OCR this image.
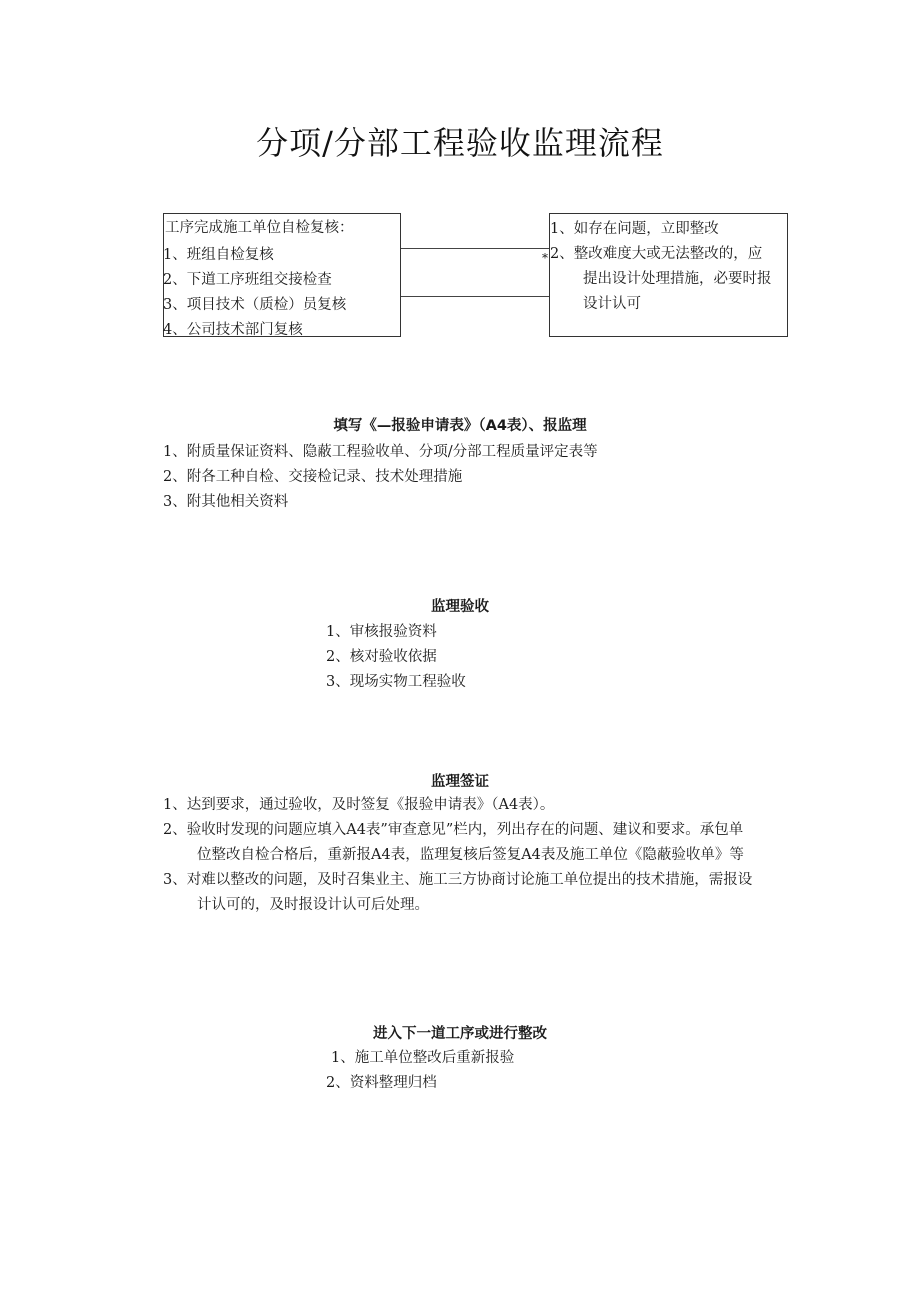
分项/分部工程验收监理流程
工序完成施工单位自检复核：
1、班组自检复核
2、下道工序班组交接检查
3、项目技术（质检）员复核
4、公司技术部门复核
*
1、如存在问题，立即整改
2、整改难度大或无法整改的，应
提出设计处理措施，必要时报
设计认可
填写《—报验申请表》（A4表）、报监理
1、附质量保证资料、隐蔽工程验收单、分项/分部工程质量评定表等
2、附各工种自检、交接检记录、技术处理措施
3、附其他相关资料
监理验收
1、审核报验资料
2、核对验收依据
3、现场实物工程验收
监理签证
1、达到要求，通过验收，及时签复《报验申请表》（A4表）。
2、验收时发现的问题应填入A4表”审查意见”栏内，列出存在的问题、建议和要求。承包单
位整改自检合格后，重新报A4表，监理复核后签复A4表及施工单位《隐蔽验收单》等
3、对难以整改的问题，及时召集业主、施工三方协商讨论施工单位提出的技术措施，需报设
计认可的，及时报设计认可后处理。
进入下一道工序或进行整改
1、施工单位整改后重新报验
2、资料整理归档
